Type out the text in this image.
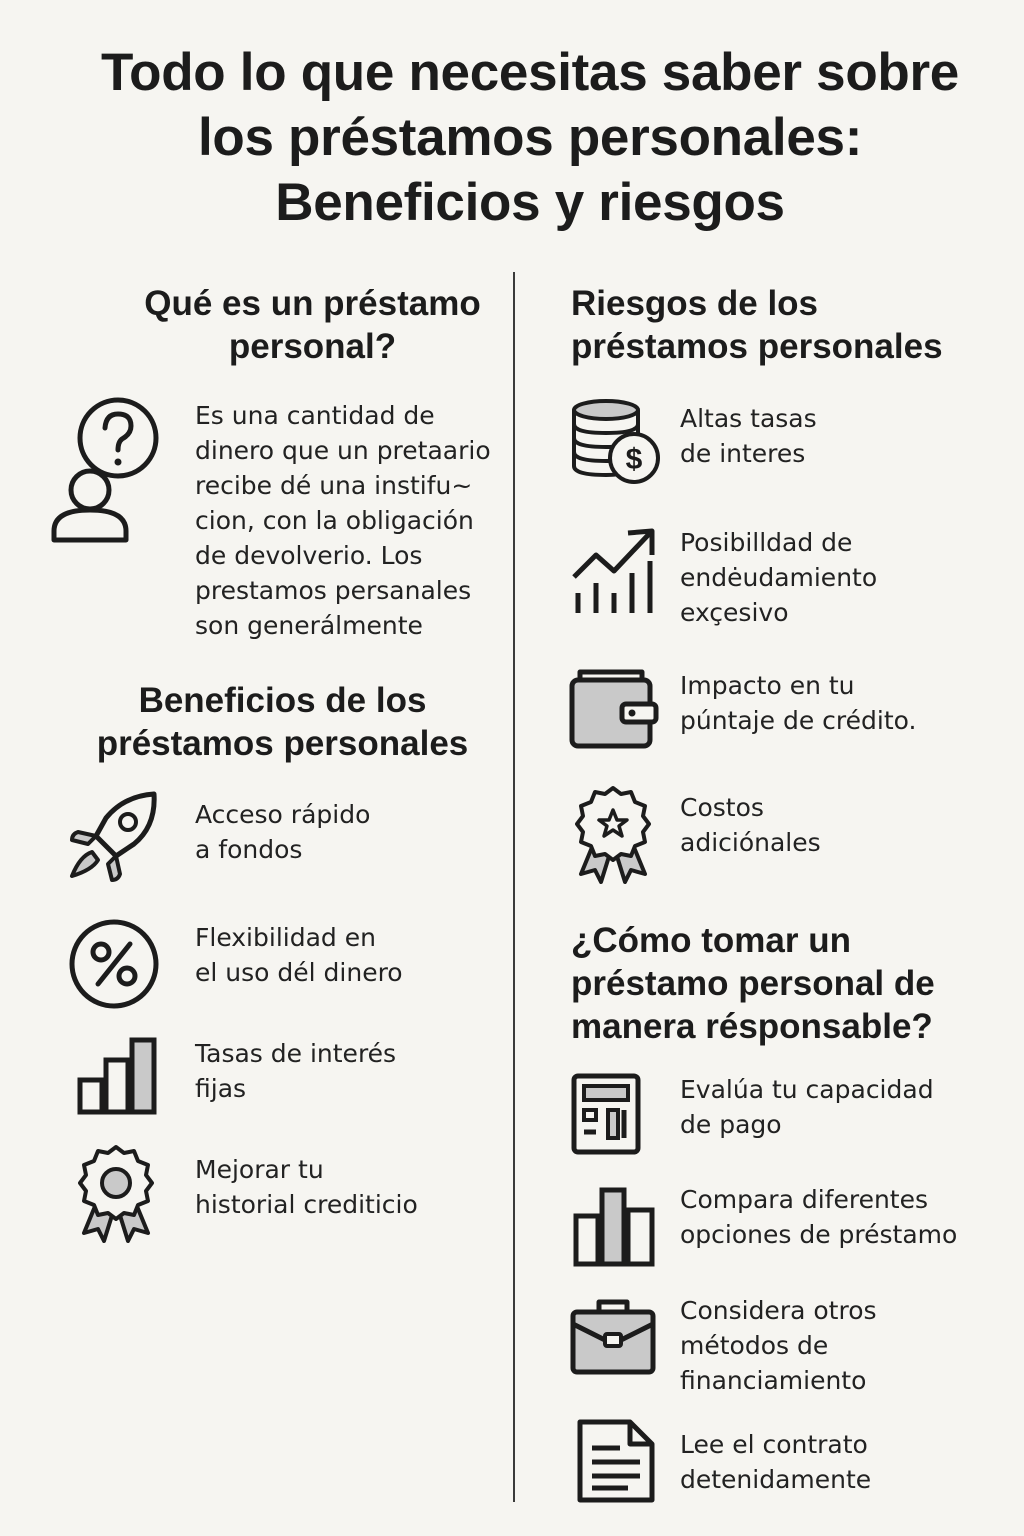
Todo lo que necesitas saber sobre
los préstamos personales:
Beneficios y riesgos
Qué es un préstamo
personal?
Es una cantidad de
dinero que un pretaario
recibe dé una instifu~
cion, con la obligación
de devolverio. Los
prestamos persanales
son generálmente
Beneficios de los
préstamos personales
Acceso rápido
a fondos
Flexibilidad en
el uso dél dinero
Tasas de interés
fijas
Mejorar tu
historial crediticio
Riesgos de los
préstamos personales
$
Altas tasas
de interes
Posibilldad de
endėudamiento
exçesivo
Impacto en tu
púntaje de crédito.
Costos
adiciónales
¿Cómo tomar un
préstamo personal de
manera résponsable?
Evalúa tu capacidad
de pago
Compara diferentes
opciones de préstamo
Considera otros
métodos de
financiamiento
Lee el contrato
detenidamente
